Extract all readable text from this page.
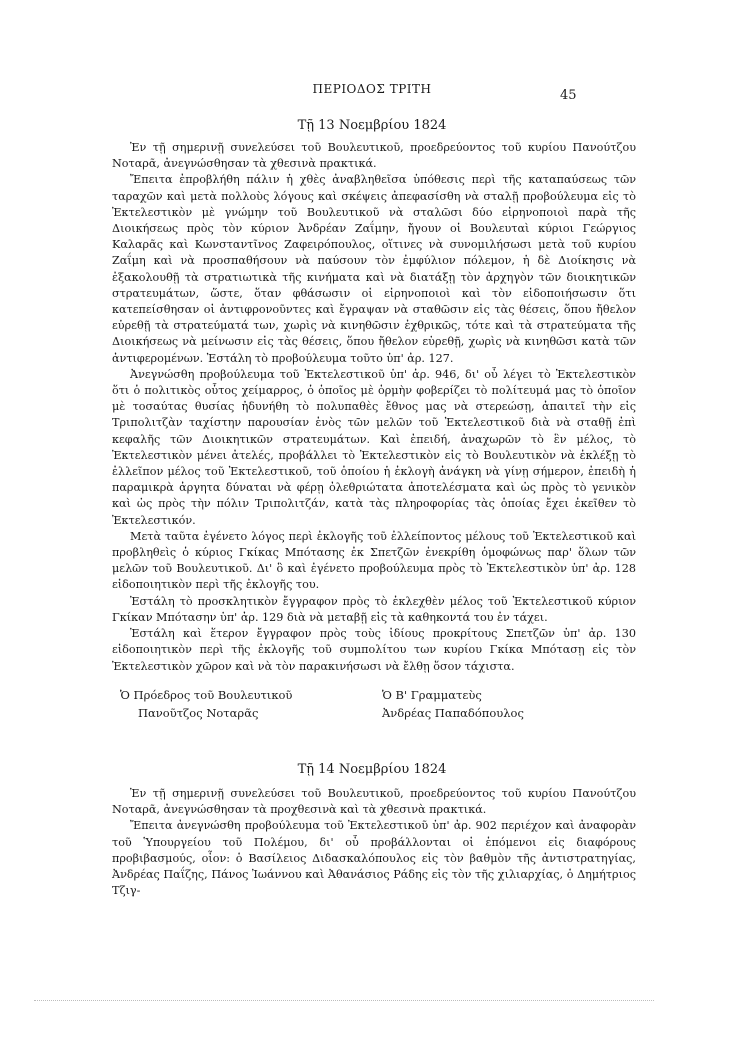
ΠΕΡΙΟΔΟΣ ΤΡΙΤΗ	45
Τῇ 13 Νοεμβρίου 1824

Ἐν τῇ σημερινῇ συνελεύσει τοῦ Βουλευτικοῦ, προεδρεύοντος τοῦ κυρίου Πανούτζου Νοταρᾶ, ἀνεγνώσθησαν τὰ χθεσινὰ πρακτικά.

Ἔπειτα ἐπροβλήθη πάλιν ἡ χθὲς ἀναβληθεῖσα ὑπόθεσις περὶ τῆς καταπαύσεως τῶν ταραχῶν καὶ μετὰ πολλοὺς λόγους καὶ σκέψεις ἀπεφασίσθη νὰ σταλῇ προβούλευμα εἰς τὸ Ἐκτελεστικὸν μὲ γνώμην τοῦ Βουλευτικοῦ νὰ σταλῶσι δύο εἰρηνοποιοὶ παρὰ τῆς Διοικήσεως πρὸς τὸν κύριον Ἀνδρέαν Ζαΐμην, ἤγουν οἱ Βουλευταὶ κύριοι Γεώργιος Καλαρᾶς καὶ Κωνσταντῖνος Ζαφειρόπουλος, οἵτινες νὰ συνομιλήσωσι μετὰ τοῦ κυρίου Ζαΐμη καὶ νὰ προσπαθήσουν νὰ παύσουν τὸν ἐμφύλιον πόλεμον, ἡ δὲ Διοίκησις νὰ ἐξακολουθῇ τὰ στρατιωτικὰ τῆς κινήματα καὶ νὰ διατάξῃ τὸν ἀρχηγὸν τῶν διοικητικῶν στρατευμάτων, ὥστε, ὅταν φθάσωσιν οἱ εἰρηνοποιοὶ καὶ τὸν εἰδοποιήσωσιν ὅτι κατεπείσθησαν οἱ ἀντιφρονοῦντες καὶ ἔγραψαν νὰ σταθῶσιν εἰς τὰς θέσεις, ὅπου ἤθελον εὑρεθῇ τὰ στρατεύματά των, χωρὶς νὰ κινηθῶσιν ἐχθρικῶς, τότε καὶ τὰ στρατεύματα τῆς Διοικήσεως νὰ μείνωσιν εἰς τὰς θέσεις, ὅπου ἤθελον εὑρεθῇ, χωρὶς νὰ κινηθῶσι κατὰ τῶν ἀντιφερομένων. Ἐστάλη τὸ προβούλευμα τοῦτο ὑπ' ἀρ. 127.

Ἀνεγνώσθη προβούλευμα τοῦ Ἐκτελεστικοῦ ὑπ' ἀρ. 946, δι' οὗ λέγει τὸ Ἐκτελεστικὸν ὅτι ὁ πολιτικὸς οὗτος χείμαρρος, ὁ ὁποῖος μὲ ὁρμὴν φοβερίζει τὸ πολίτευμά μας τὸ ὁποῖον μὲ τοσαύτας θυσίας ἠδυνήθη τὸ πολυπαθὲς ἔθνος μας νὰ στερεώσῃ, ἀπαιτεῖ τὴν εἰς Τριπολιτζὰν ταχίστην παρουσίαν ἑνὸς τῶν μελῶν τοῦ Ἐκτελεστικοῦ διὰ νὰ σταθῇ ἐπὶ κεφαλῆς τῶν Διοικητικῶν στρατευμάτων. Καὶ ἐπειδή, ἀναχωρῶν τὸ ἓν μέλος, τὸ Ἐκτελεστικὸν μένει ἀτελές, προβάλλει τὸ Ἐκτελεστικὸν εἰς τὸ Βουλευτικὸν νὰ ἐκλέξῃ τὸ ἐλλεῖπον μέλος τοῦ Ἐκτελεστικοῦ, τοῦ ὁποίου ἡ ἐκλογὴ ἀνάγκη νὰ γίνῃ σήμερον, ἐπειδὴ ἡ παραμικρὰ ἀργητα δύναται νὰ φέρῃ ὀλεθριώτατα ἀποτελέσματα καὶ ὡς πρὸς τὸ γενικὸν καὶ ὡς πρὸς τὴν πόλιν Τριπολιτζάν, κατὰ τὰς πληροφορίας τὰς ὁποίας ἔχει ἐκεῖθεν τὸ Ἐκτελεστικόν.

Μετὰ ταῦτα ἐγένετο λόγος περὶ ἐκλογῆς τοῦ ἐλλείποντος μέλους τοῦ Ἐκτελεστικοῦ καὶ προβληθεὶς ὁ κύριος Γκίκας Μπότασης ἐκ Σπετζῶν ἐνεκρίθη ὁμοφώνως παρ' ὅλων τῶν μελῶν τοῦ Βουλευτικοῦ. Δι' ὃ καὶ ἐγένετο προβούλευμα πρὸς τὸ Ἐκτελεστικὸν ὑπ' ἀρ. 128 εἰδοποιητικὸν περὶ τῆς ἐκλογῆς του.

Ἐστάλη τὸ προσκλητικὸν ἔγγραφον πρὸς τὸ ἐκλεχθὲν μέλος τοῦ Ἐκτελεστικοῦ κύριον Γκίκαν Μπότασην ὑπ' ἀρ. 129 διὰ νὰ μεταβῇ εἰς τὰ καθηκοντά του ἐν τάχει.

Ἐστάλη καὶ ἕτερον ἔγγραφον πρὸς τοὺς ἰδίους προκρίτους Σπετζῶν ὑπ' ἀρ. 130 εἰδοποιητικὸν περὶ τῆς ἐκλογῆς τοῦ συμπολίτου των κυρίου Γκίκα Μπότασῃ εἰς τὸν Ἐκτελεστικὸν χῶρον καὶ νὰ τὸν παρακινήσωσι νὰ ἔλθῃ ὅσον τάχιστα.

Ὁ Πρόεδρος τοῦ Βουλευτικοῦ
Πανοῦτζος Νοταρᾶς
Ὁ Β' Γραμματεὺς
Ἀνδρέας Παπαδόπουλος
Τῇ 14 Νοεμβρίου 1824

Ἐν τῇ σημερινῇ συνελεύσει τοῦ Βουλευτικοῦ, προεδρεύοντος τοῦ κυρίου Πανούτζου Νοταρᾶ, ἀνεγνώσθησαν τὰ προχθεσινὰ καὶ τὰ χθεσινὰ πρακτικά.

Ἔπειτα ἀνεγνώσθη προβούλευμα τοῦ Ἐκτελεστικοῦ ὑπ' ἀρ. 902 περιέχον καὶ ἀναφορὰν τοῦ Ὑπουργείου τοῦ Πολέμου, δι' οὗ προβάλλονται οἱ ἑπόμενοι εἰς διαφόρους προβιβασμούς, οἷον: ὁ Βασίλειος Διδασκαλόπουλος εἰς τὸν βαθμὸν τῆς ἀντιστρατηγίας, Ἀνδρέας Παΐζης, Πάνος Ἰωάννου καὶ Ἀθανάσιος Ράδης εἰς τὸν τῆς χιλιαρχίας, ὁ Δημήτριος Τζιγ-
